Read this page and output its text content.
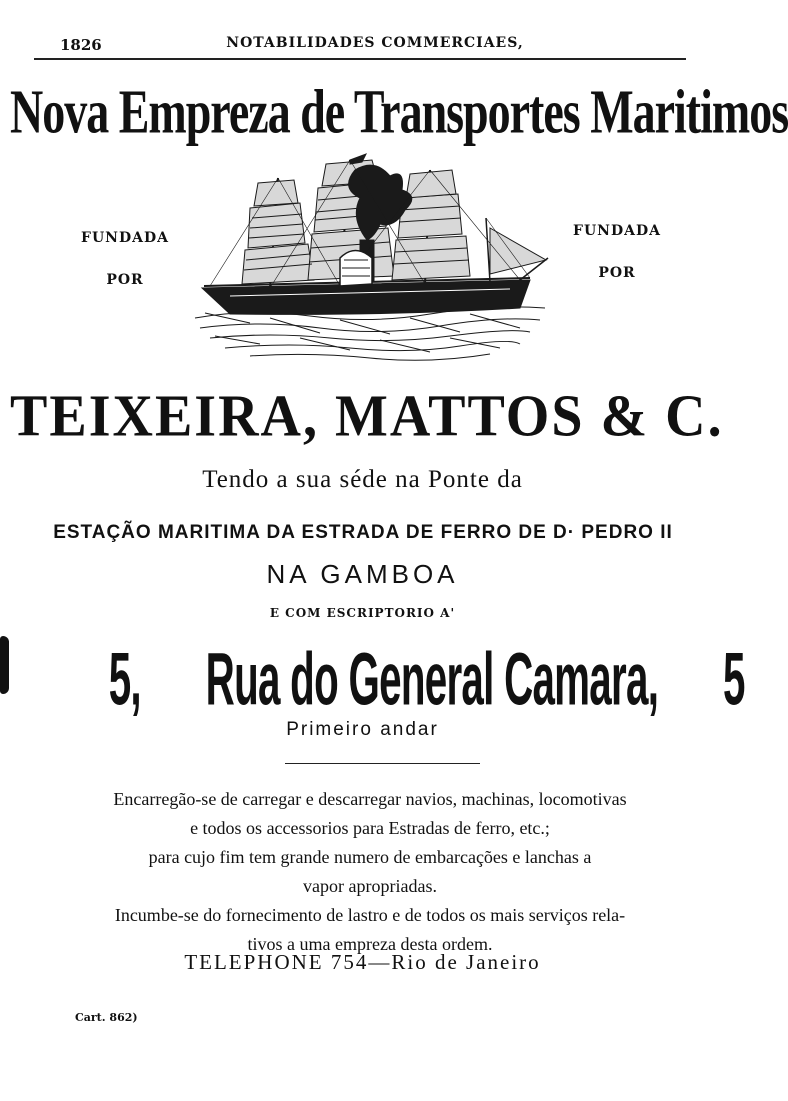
1826	NOTABILIDADES COMMERCIAES,
Nova Empreza de Transportes Maritimos
FUNDADA
POR
FUNDADA
POR
TEIXEIRA, MATTOS & C.
Tendo a sua séde na Ponte da
ESTAÇÃO MARITIMA DA ESTRADA DE FERRO DE D· PEDRO II
NA GAMBOA
E COM ESCRIPTORIO A'
5, Rua do General Camara, 5
Primeiro andar
Encarregão-se de carregar e descarregar navios, machinas, locomotivas
e todos os accessorios para Estradas de ferro, etc.;
para cujo fim tem grande numero de embarcações e lanchas a
vapor apropriadas.
Incumbe-se do fornecimento de lastro e de todos os mais serviços rela-
tivos a uma empreza desta ordem.
TELEPHONE 754—Rio de Janeiro
Cart. 862)
